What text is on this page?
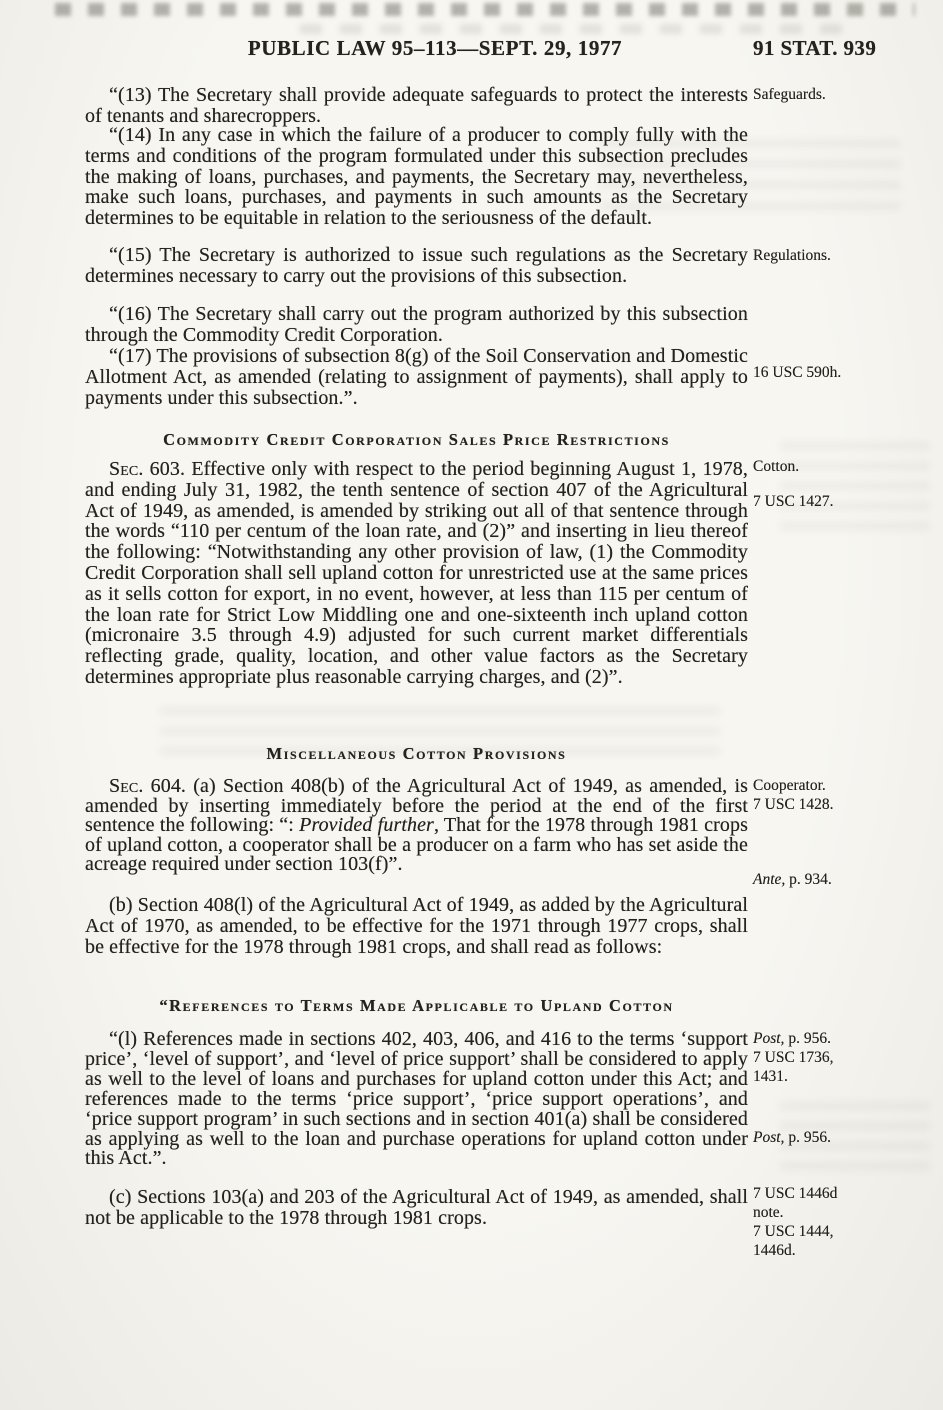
PUBLIC LAW 95–113—SEPT. 29, 1977	91 STAT. 939

“(13) The Secretary shall provide adequate safeguards to protect the interests of tenants and sharecroppers.

“(14) In any case in which the failure of a producer to comply fully with the terms and conditions of the program formulated under this subsection precludes the making of loans, purchases, and payments, the Secretary may, nevertheless, make such loans, purchases, and payments in such amounts as the Secretary determines to be equitable in relation to the seriousness of the default.

“(15) The Secretary is authorized to issue such regulations as the Secretary determines necessary to carry out the provisions of this subsection.

“(16) The Secretary shall carry out the program authorized by this subsection through the Commodity Credit Corporation.

“(17) The provisions of subsection 8(g) of the Soil Conservation and Domestic Allotment Act, as amended (relating to assignment of payments), shall apply to payments under this subsection.”.

Commodity Credit Corporation Sales Price Restrictions

Sec. 603. Effective only with respect to the period beginning August 1, 1978, and ending July 31, 1982, the tenth sentence of section 407 of the Agricultural Act of 1949, as amended, is amended by striking out all of that sentence through the words “110 per centum of the loan rate, and (2)” and inserting in lieu thereof the following: “Notwithstanding any other provision of law, (1) the Commodity Credit Corporation shall sell upland cotton for unrestricted use at the same prices as it sells cotton for export, in no event, however, at less than 115 per centum of the loan rate for Strict Low Middling one and one-sixteenth inch upland cotton (micronaire 3.5 through 4.9) adjusted for such current market differentials reflecting grade, quality, location, and other value factors as the Secretary determines appropriate plus reasonable carrying charges, and (2)”.

Miscellaneous Cotton Provisions

Sec. 604. (a) Section 408(b) of the Agricultural Act of 1949, as amended, is amended by inserting immediately before the period at the end of the first sentence the following: “: Provided further, That for the 1978 through 1981 crops of upland cotton, a cooperator shall be a producer on a farm who has set aside the acreage required under section 103(f)”.

(b) Section 408(l) of the Agricultural Act of 1949, as added by the Agricultural Act of 1970, as amended, to be effective for the 1971 through 1977 crops, shall be effective for the 1978 through 1981 crops, and shall read as follows:

“References to Terms Made Applicable to Upland Cotton

“(l) References made in sections 402, 403, 406, and 416 to the terms ‘support price’, ‘level of support’, and ‘level of price support’ shall be considered to apply as well to the level of loans and purchases for upland cotton under this Act; and references made to the terms ‘price support’, ‘price support operations’, and ‘price support program’ in such sections and in section 401(a) shall be considered as applying as well to the loan and purchase operations for upland cotton under this Act.”.

(c) Sections 103(a) and 203 of the Agricultural Act of 1949, as amended, shall not be applicable to the 1978 through 1981 crops.

Safeguards.
Regulations.
16 USC 590h.
Cotton.
7 USC 1427.
Cooperator.
7 USC 1428.
Ante, p. 934.
Post, p. 956.
7 USC 1736, 1431.
Post, p. 956.
7 USC 1446d note.
7 USC 1444, 1446d.
